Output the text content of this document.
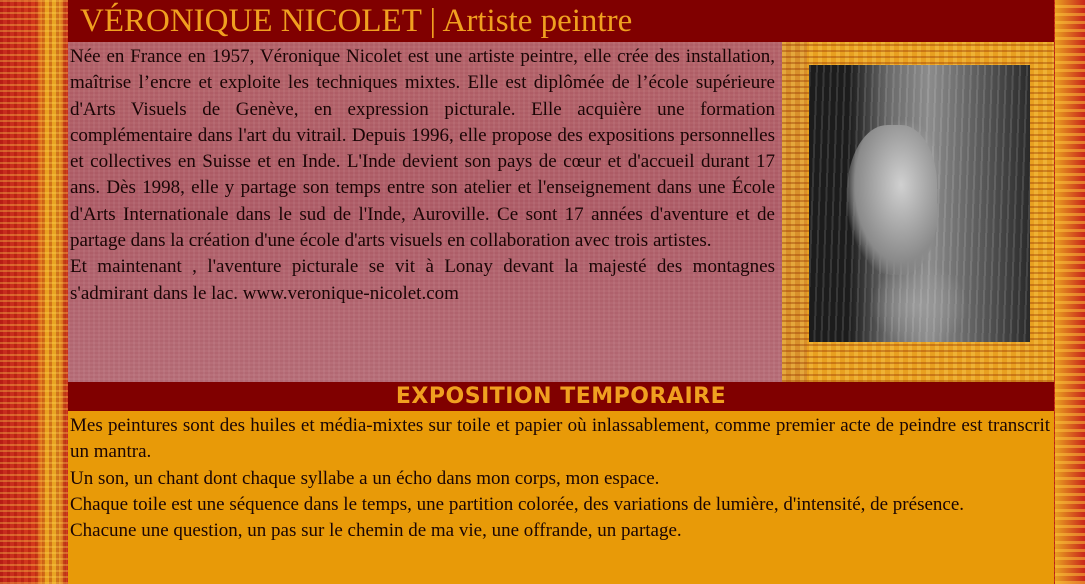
VÉRONIQUE NICOLET | Artiste peintre

Née en France en 1957, Véronique Nicolet est une artiste peintre, elle crée des installation, maîtrise l’encre et exploite les techniques mixtes. Elle est diplômée de l’école supérieure d'Arts Visuels de Genève, en expression picturale. Elle acquière une formation complémentaire dans l'art du vitrail. Depuis 1996, elle propose des expositions personnelles et collectives en Suisse et en Inde. L'Inde devient son pays de cœur et d'accueil durant 17 ans. Dès 1998, elle y partage son temps entre son atelier et l'enseignement dans une École d'Arts Internationale dans le sud de l'Inde, Auroville. Ce sont 17 années d'aventure et de partage dans la création d'une école d'arts visuels en collaboration avec trois artistes.

Et maintenant , l'aventure picturale se vit à Lonay devant la majesté des montagnes s'admirant dans le lac. www.veronique-nicolet.com

EXPOSITION TEMPORAIRE

Mes peintures sont des huiles et média-mixtes sur toile et papier où inlassablement, comme premier acte de peindre est transcrit un mantra.

Un son, un chant dont chaque syllabe a un écho dans mon corps, mon espace.

Chaque toile est une séquence dans le temps, une partition colorée, des variations de lumière, d'intensité, de présence.

Chacune une question, un pas sur le chemin de ma vie, une offrande, un partage.
